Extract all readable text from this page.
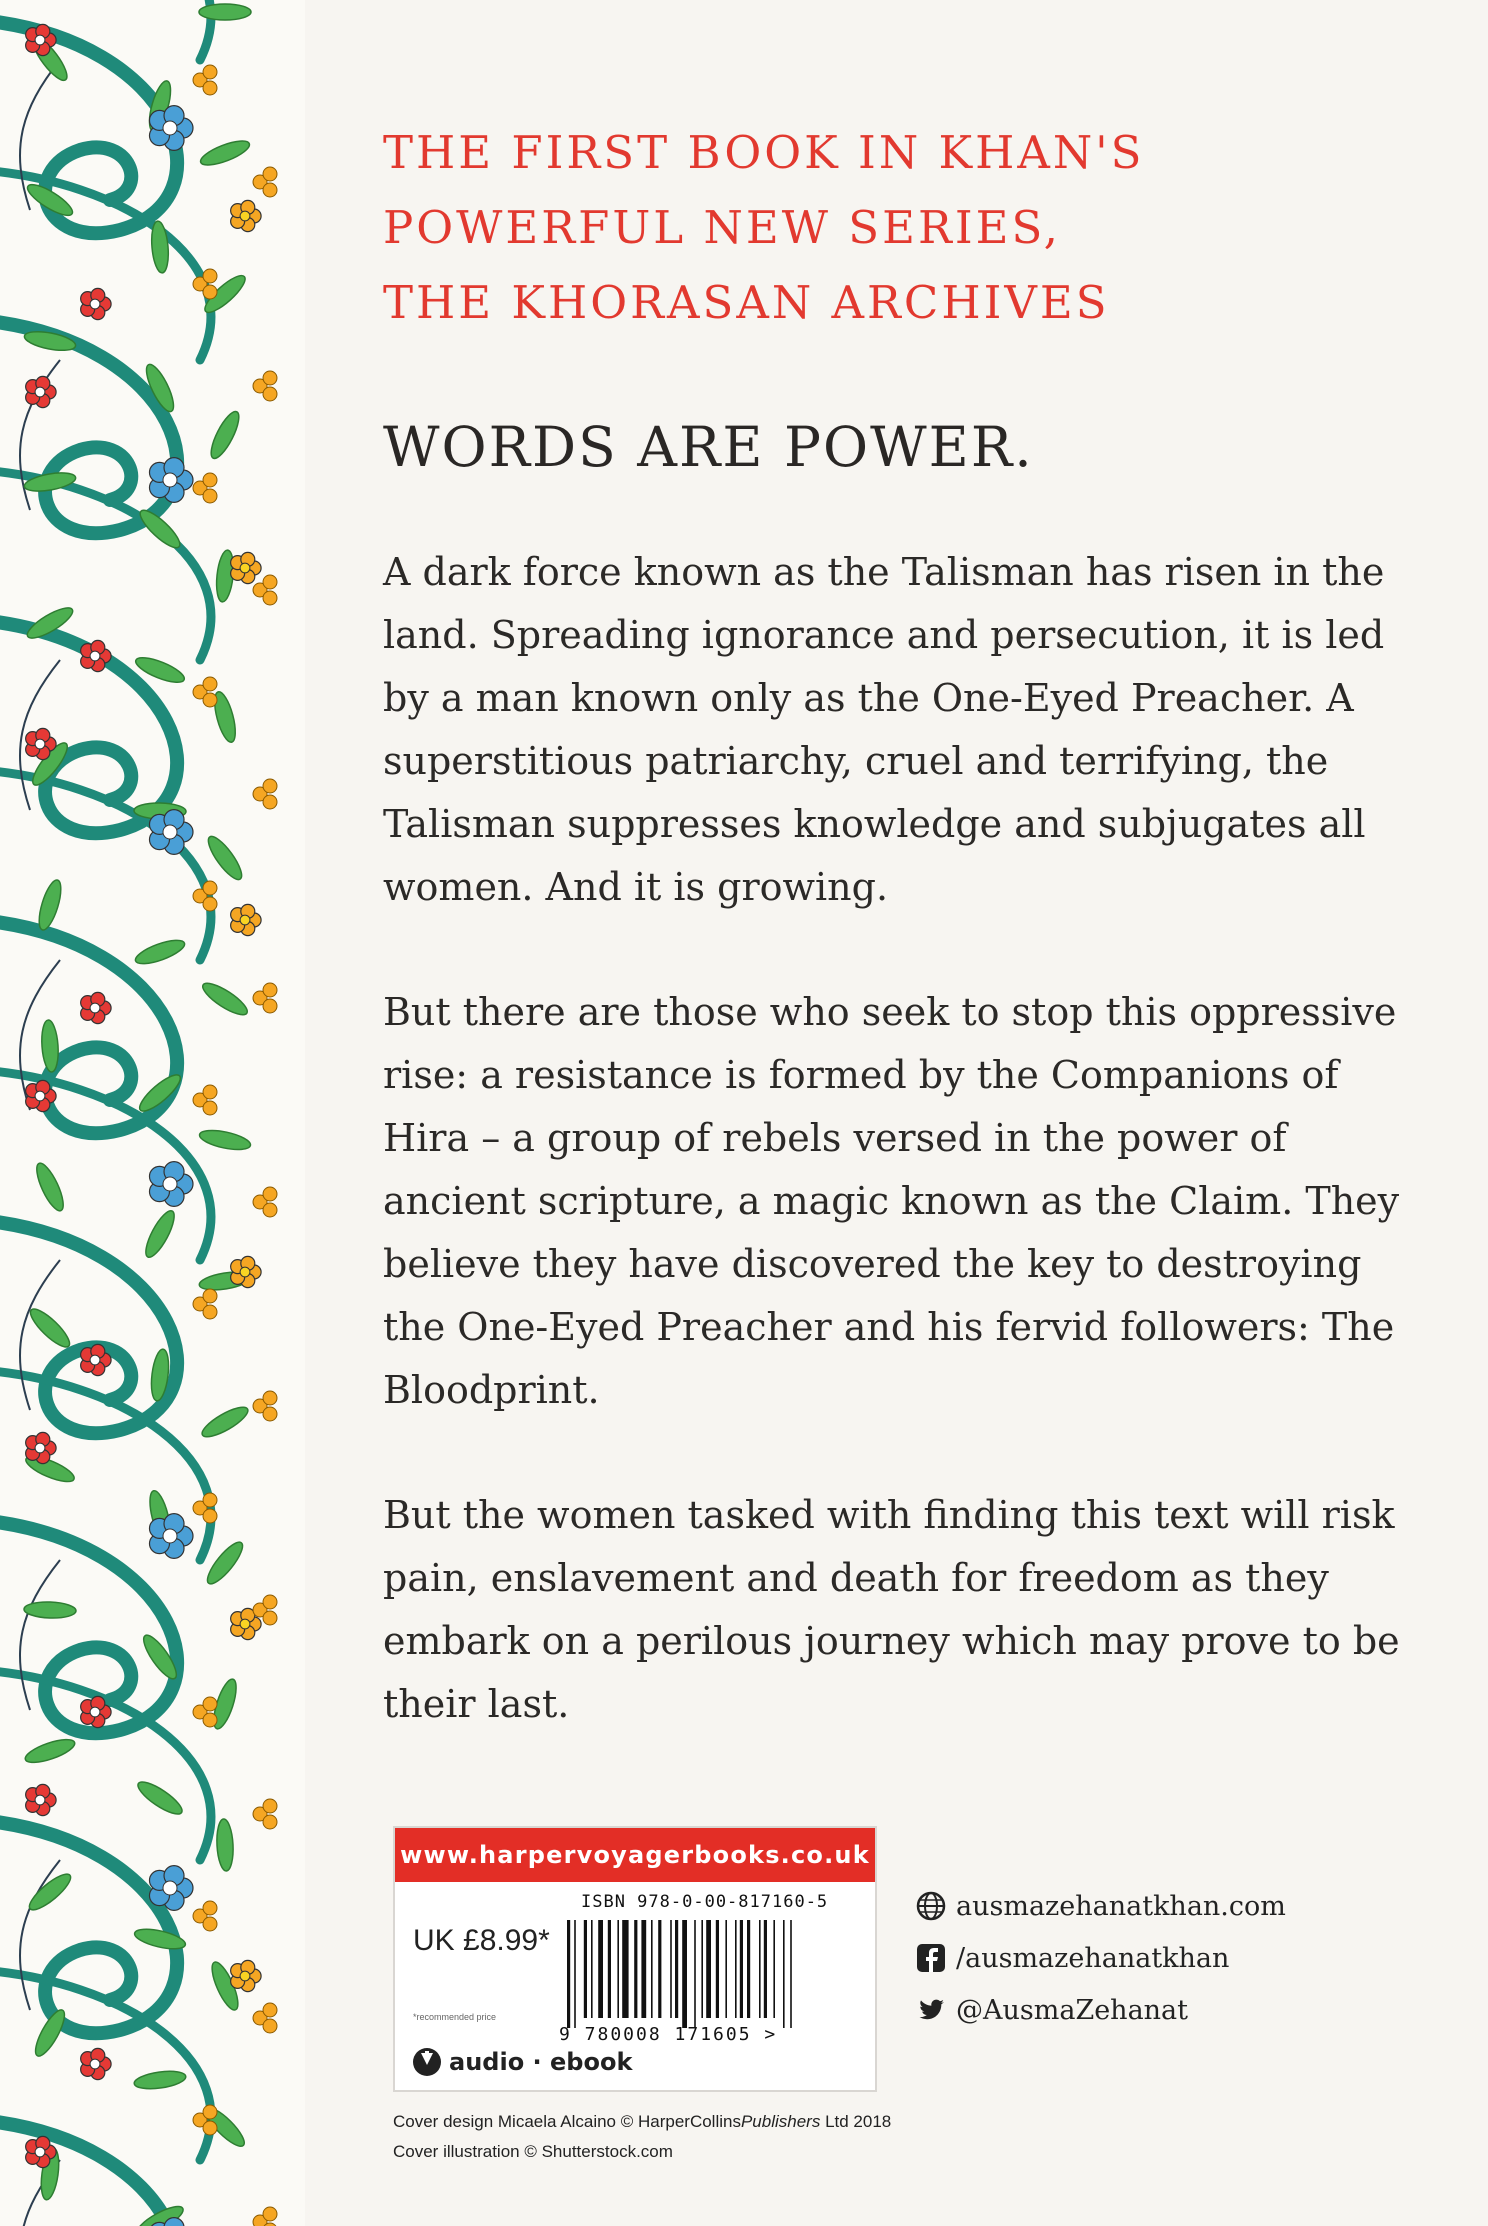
THE FIRST BOOK IN KHAN'S

POWERFUL NEW SERIES,

THE KHORASAN ARCHIVES

WORDS ARE POWER.

A dark force known as the Talisman has risen in the land. Spreading ignorance and persecution, it is led by a man known only as the One-Eyed Preacher. A superstitious patriarchy, cruel and terrifying, the Talisman suppresses knowledge and subjugates all women. And it is growing.

But there are those who seek to stop this oppressive rise: a resistance is formed by the Companions of Hira – a group of rebels versed in the power of ancient scripture, a magic known as the Claim. They believe they have discovered the key to destroying the One-Eyed Preacher and his fervid followers: The Bloodprint.

But the women tasked with finding this text will risk pain, enslavement and death for freedom as they embark on a perilous journey which may prove to be their last.

www.harpervoyagerbooks.co.uk
ISBN 978-0-00-817160-5
UK £8.99*
*recommended price
9 780008 171605 >
audio · ebook
ausmazehanatkhan.com
/ausmazehanatkhan
@AusmaZehanat
Cover design Micaela Alcaino © HarperCollinsPublishers Ltd 2018
Cover illustration © Shutterstock.com
